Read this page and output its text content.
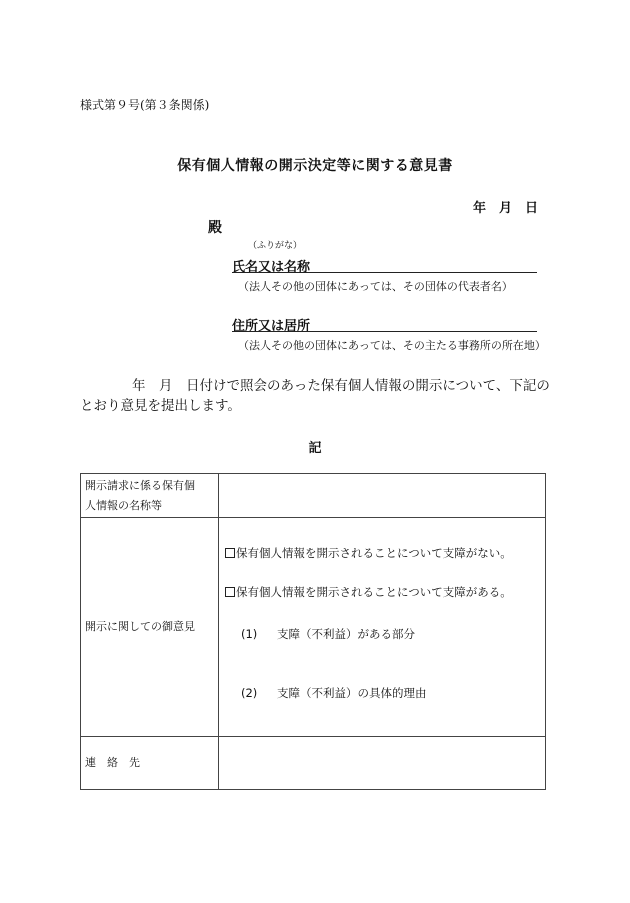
様式第９号(第３条関係)
保有個人情報の開示決定等に関する意見書
年　月　日
殿
（ふりがな）
氏名又は名称
（法人その他の団体にあっては、その団体の代表者名）
住所又は居所
（法人その他の団体にあっては、その主たる事務所の所在地）
年　月　日付けで照会のあった保有個人情報の開示について、下記のとおり意見を提出します。
記
開示請求に係る保有個
人情報の名称等	

開示に関しての御意見	保有個人情報を開示されることについて支障がない。
保有個人情報を開示されることについて支障がある。
(1) 支障（不利益）がある部分
(2) 支障（不利益）の具体的理由

連絡先	
